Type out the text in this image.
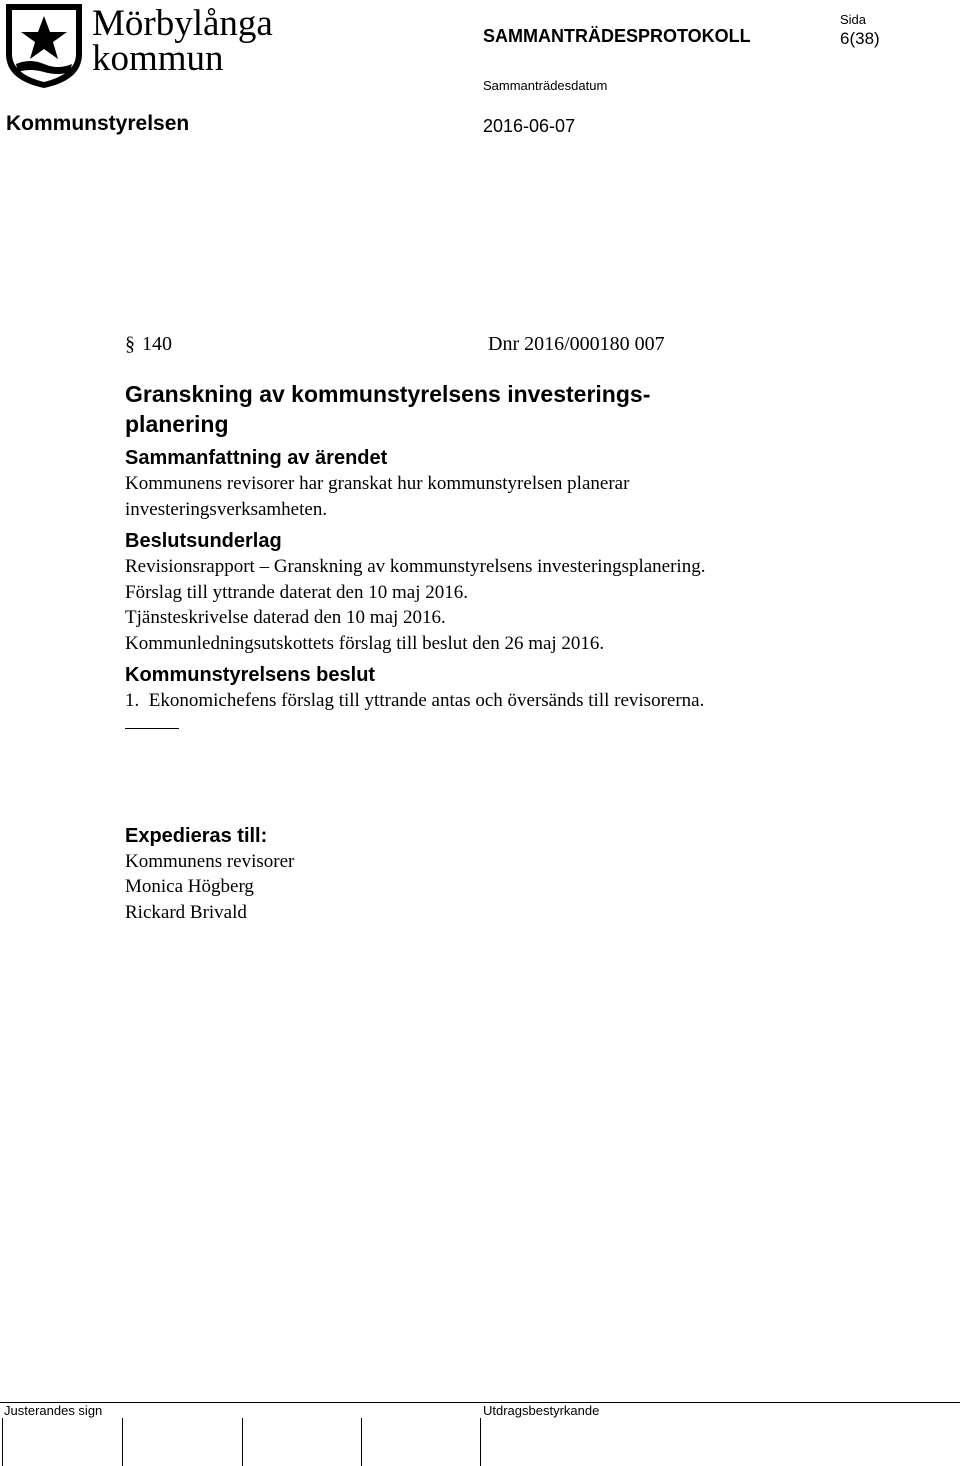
Mörbylånga
kommun
SAMMANTRÄDESPROTOKOLL
Sida
6(38)
Sammanträdesdatum
Kommunstyrelsen	2016-06-07
§ 140	Dnr 2016/000180 007
Granskning av kommunstyrelsens investerings-
planering
Sammanfattning av ärendet
Kommunens revisorer har granskat hur kommunstyrelsen planerar
investeringsverksamheten.
Beslutsunderlag
Revisionsrapport – Granskning av kommunstyrelsens investeringsplanering.
Förslag till yttrande daterat den 10 maj 2016.
Tjänsteskrivelse daterad den 10 maj 2016.
Kommunledningsutskottets förslag till beslut den 26 maj 2016.
Kommunstyrelsens beslut
1.  Ekonomichefens förslag till yttrande antas och översänds till revisorerna.
Expedieras till:
Kommunens revisorer
Monica Högberg
Rickard Brivald
Justerandes sign	Utdragsbestyrkande
